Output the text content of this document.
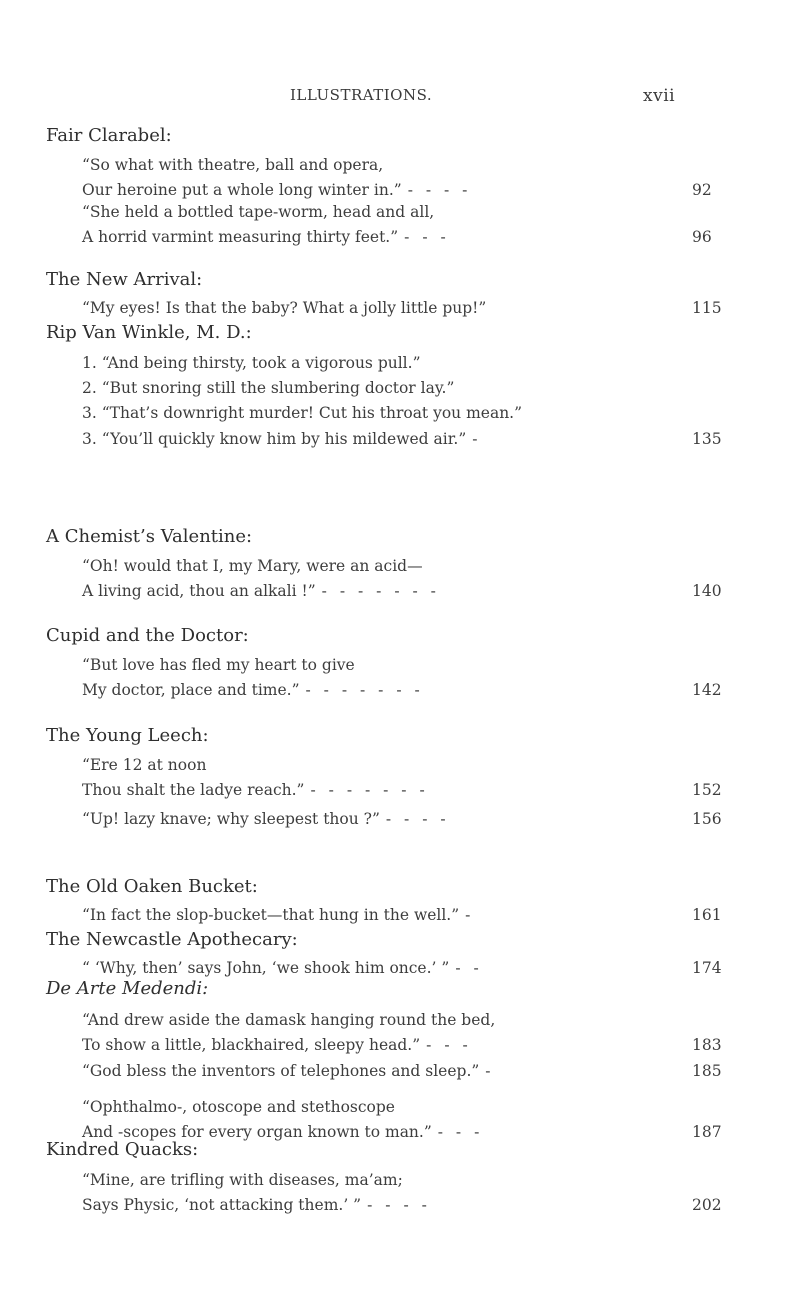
ILLUSTRATIONS.	xvii
Fair Clarabel:
“So what with theatre, ball and opera,
Our heroine put a whole long winter in.” - - - -	92
“She held a bottled tape-worm, head and all,
A horrid varmint measuring thirty feet.” - - -	96
The New Arrival:
“My eyes! Is that the baby? What a jolly little pup!”	115
Rip Van Winkle, M. D.:
1. “And being thirsty, took a vigorous pull.”
2. “But snoring still the slumbering doctor lay.”
3. “That’s downright murder! Cut his throat you mean.”
3. “You’ll quickly know him by his mildewed air.” -	135
A Chemist’s Valentine:
“Oh! would that I, my Mary, were an acid—
A living acid, thou an alkali !” - - - - - - -	140
Cupid and the Doctor:
“But love has fled my heart to give
My doctor, place and time.” - - - - - - -	142
The Young Leech:
“Ere 12 at noon
Thou shalt the ladye reach.” - - - - - - -	152
“Up! lazy knave; why sleepest thou ?” - - - -	156
The Old Oaken Bucket:
“In fact the slop-bucket—that hung in the well.” -	161
The Newcastle Apothecary:
“ ‘Why, then’ says John, ‘we shook him once.’ ” - -	174
De Arte Medendi:
“And drew aside the damask hanging round the bed,
To show a little, blackhaired, sleepy head.” - - -	183
“God bless the inventors of telephones and sleep.” -	185
“Ophthalmo-, otoscope and stethoscope
And -scopes for every organ known to man.” - - -	187
Kindred Quacks:
“Mine, are trifling with diseases, ma’am;
Says Physic, ‘not attacking them.’ ” - - - -	202
